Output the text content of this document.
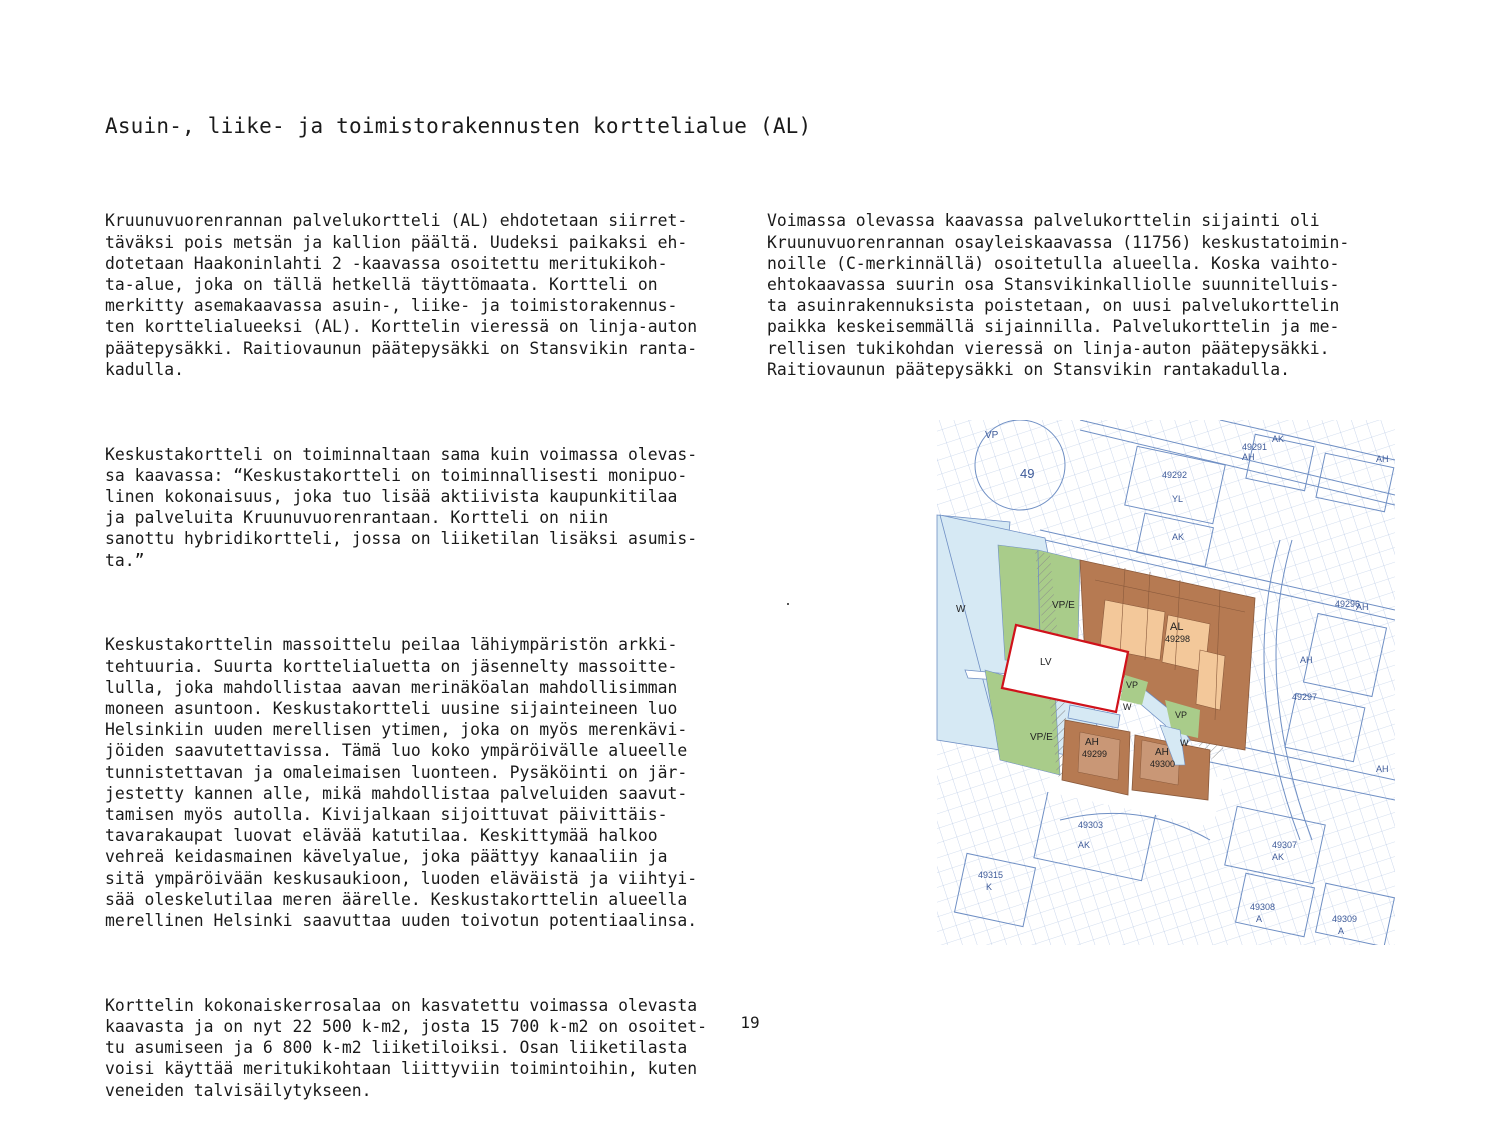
Asuin-, liike- ja toimistorakennusten korttelialue (AL)

Kruunuvuorenrannan palvelukortteli (AL) ehdotetaan siirret-
täväksi pois metsän ja kallion päältä. Uudeksi paikaksi eh-
dotetaan Haakoninlahti 2 -kaavassa osoitettu meritukikoh-
ta-alue, joka on tällä hetkellä täyttömaata. Kortteli on
merkitty asemakaavassa asuin-, liike- ja toimistorakennus-
ten korttelialueeksi (AL). Korttelin vieressä on linja-auton
päätepysäkki. Raitiovaunun päätepysäkki on Stansvikin ranta-
kadulla.

Keskustakortteli on toiminnaltaan sama kuin voimassa olevas-
sa kaavassa: “Keskustakortteli on toiminnallisesti monipuo-
linen kokonaisuus, joka tuo lisää aktiivista kaupunkitilaa
ja palveluita Kruunuvuorenrantaan. Kortteli on niin
sanottu hybridikortteli, jossa on liiketilan lisäksi asumis-
ta.”

Keskustakorttelin massoittelu peilaa lähiympäristön arkki-
tehtuuria. Suurta korttelialuetta on jäsennelty massoitte-
lulla, joka mahdollistaa aavan merinäköalan mahdollisimman
moneen asuntoon. Keskustakortteli uusine sijainteineen luo
Helsinkiin uuden merellisen ytimen, joka on myös merenkävi-
jöiden saavutettavissa. Tämä luo koko ympäröivälle alueelle
tunnistettavan ja omaleimaisen luonteen. Pysäköinti on jär-
jestetty kannen alle, mikä mahdollistaa palveluiden saavut-
tamisen myös autolla. Kivijalkaan sijoittuvat päivittäis-
tavarakaupat luovat elävää katutilaa. Keskittymää halkoo
vehreä keidasmainen kävelyalue, joka päättyy kanaaliin ja
sitä ympäröivään keskusaukioon, luoden eläväistä ja viihtyi-
sää oleskelutilaa meren äärelle. Keskustakorttelin alueella
merellinen Helsinki saavuttaa uuden toivotun potentiaalinsa.

Korttelin kokonaiskerrosalaa on kasvatettu voimassa olevasta
kaavasta ja on nyt 22 500 k-m2, josta 15 700 k-m2 on osoitet-
tu asumiseen ja 6 800 k-m2 liiketiloiksi. Osan liiketilasta
voisi käyttää meritukikohtaan liittyviin toimintoihin, kuten
veneiden talvisäilytykseen.

Voimassa olevassa kaavassa palvelukorttelin sijainti oli
Kruunuvuorenrannan osayleiskaavassa (11756) keskustatoimin-
noille (C-merkinnällä) osoitetulla alueella. Koska vaihto-
ehtokaavassa suurin osa Stansvikinkalliolle suunnitelluis-
ta asuinrakennuksista poistetaan, on uusi palvelukorttelin
paikka keskeisemmällä sijainnilla. Palvelukorttelin ja me-
rellisen tukikohdan vieressä on linja-auton päätepysäkki.
Raitiovaunun päätepysäkki on Stansvikin rantakadulla.

VP
49
W	VP/E
LV
VP/E
AL
49298
VP
VP
W
W
AH
49299	AH
49300
49291
AH
AK
49292
YL
AK
AH
49296
AH
AH
49297
AH
49303
AK	49307
AK
49315
K
49308
A	49309
A
19
